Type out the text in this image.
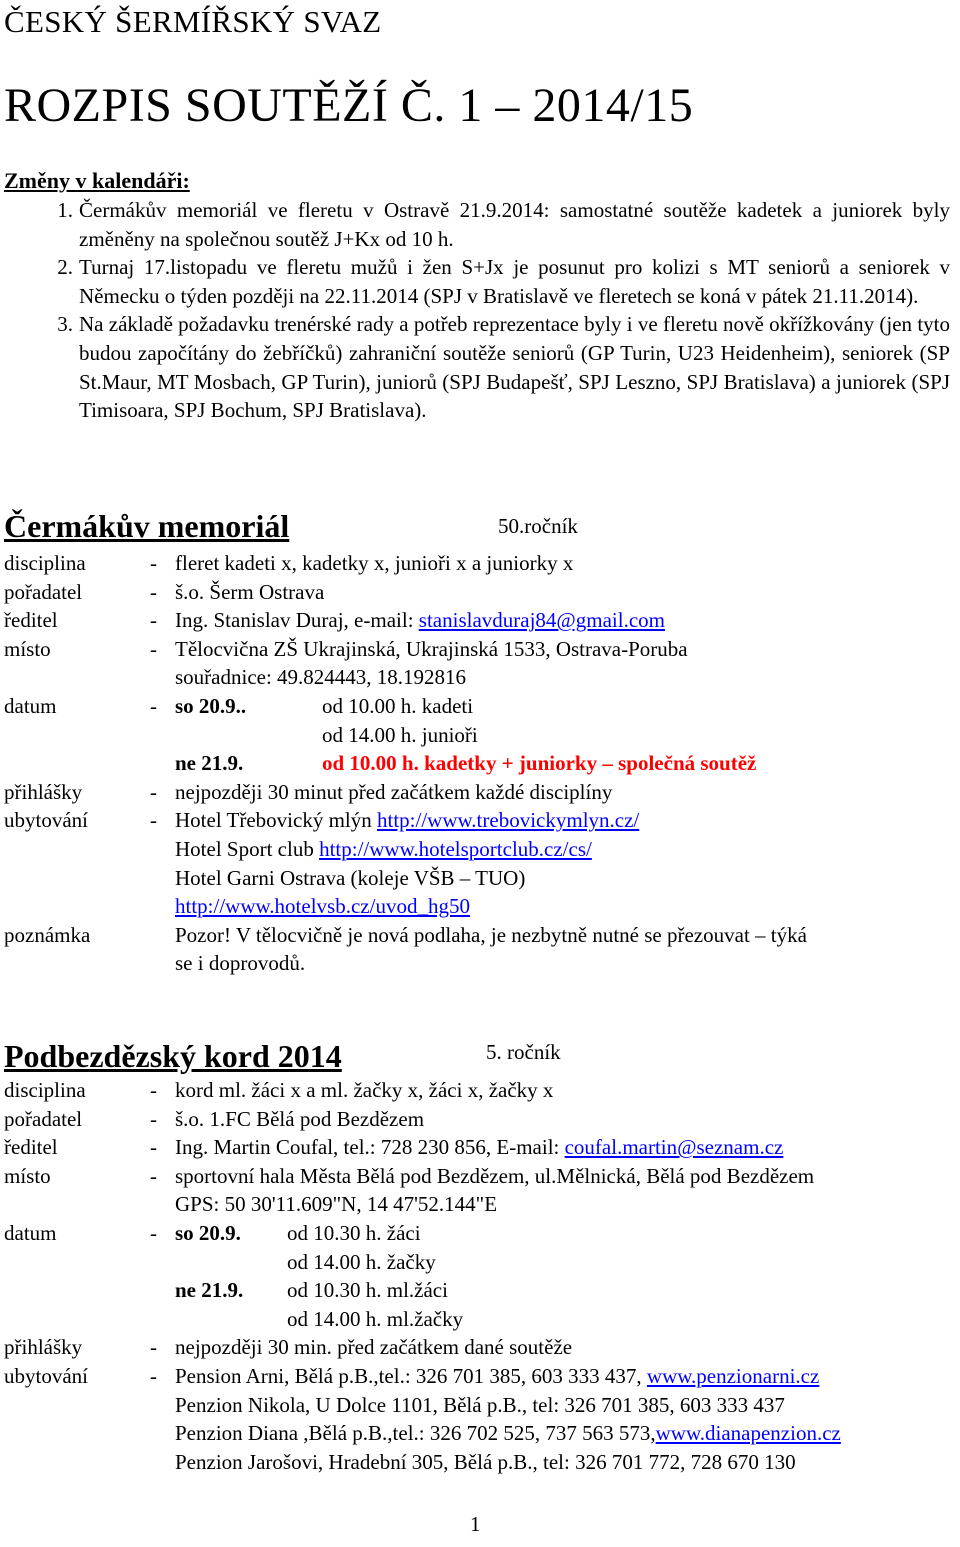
ČESKÝ ŠERMÍŘSKÝ SVAZ
ROZPIS SOUTĚŽÍ Č. 1 – 2014/15
Změny v kalendáři:
1. Čermákův memoriál ve fleretu v Ostravě 21.9.2014: samostatné soutěže kadetek a juniorek byly změněny na společnou soutěž J+Kx od 10 h.
2. Turnaj 17.listopadu ve fleretu mužů i žen S+Jx je posunut pro kolizi s MT seniorů a seniorek v Německu o týden později na 22.11.2014 (SPJ v Bratislavě ve fleretech se koná v pátek 21.11.2014).
3. Na základě požadavku trenérské rady a potřeb reprezentace byly i ve fleretu nově okřížkovány (jen tyto budou započítány do žebříčků) zahraniční soutěže seniorů (GP Turin, U23 Heidenheim), seniorek (SP St.Maur, MT Mosbach, GP Turin), juniorů (SPJ Budapešť, SPJ Leszno, SPJ Bratislava) a juniorek (SPJ Timisoara, SPJ Bochum, SPJ Bratislava).
Čermákův memoriál	50.ročník
disciplina	- fleret kadeti x, kadetky x, junioři x a juniorky x
pořadatel	- š.o. Šerm Ostrava
ředitel	- Ing. Stanislav Duraj, e-mail: stanislavduraj84@gmail.com
místo	- Tělocvična ZŠ Ukrajinská, Ukrajinská 1533, Ostrava-Poruba
souřadnice: 49.824443, 18.192816
datum	- so 20.9..	od 10.00 h. kadeti
od 14.00 h. junioři
ne 21.9.	od 10.00 h. kadetky + juniorky – společná soutěž
přihlášky	- nejpozději 30 minut před začátkem každé disciplíny
ubytování	- Hotel Třebovický mlýn http://www.trebovickymlyn.cz/
Hotel Sport club http://www.hotelsportclub.cz/cs/
Hotel Garni Ostrava (koleje VŠB – TUO)
http://www.hotelvsb.cz/uvod_hg50
poznámka	Pozor! V tělocvičně je nová podlaha, je nezbytně nutné se přezouvat – týká
se i doprovodů.
Podbezdězský kord 2014	5. ročník
disciplina	- kord ml. žáci x a ml. žačky x, žáci x, žačky x
pořadatel	- š.o. 1.FC Bělá pod Bezdězem
ředitel	- Ing. Martin Coufal, tel.: 728 230 856, E-mail: coufal.martin@seznam.cz
místo	- sportovní hala Města Bělá pod Bezdězem, ul.Mělnická, Bělá pod Bezdězem
GPS: 50 30'11.609"N, 14 47'52.144"E
datum	- so 20.9. od 10.30 h. žáci
od 14.00 h. žačky
ne 21.9. od 10.30 h. ml.žáci
od 14.00 h. ml.žačky
přihlášky	- nejpozději 30 min. před začátkem dané soutěže
ubytování	- Pension Arni, Bělá p.B.,tel.: 326 701 385, 603 333 437, www.penzionarni.cz
Penzion Nikola, U Dolce 1101, Bělá p.B., tel: 326 701 385, 603 333 437
Penzion Diana ,Bělá p.B.,tel.: 326 702 525, 737 563 573,www.dianapenzion.cz
Penzion Jarošovi, Hradební 305, Bělá p.B., tel: 326 701 772, 728 670 130
1
